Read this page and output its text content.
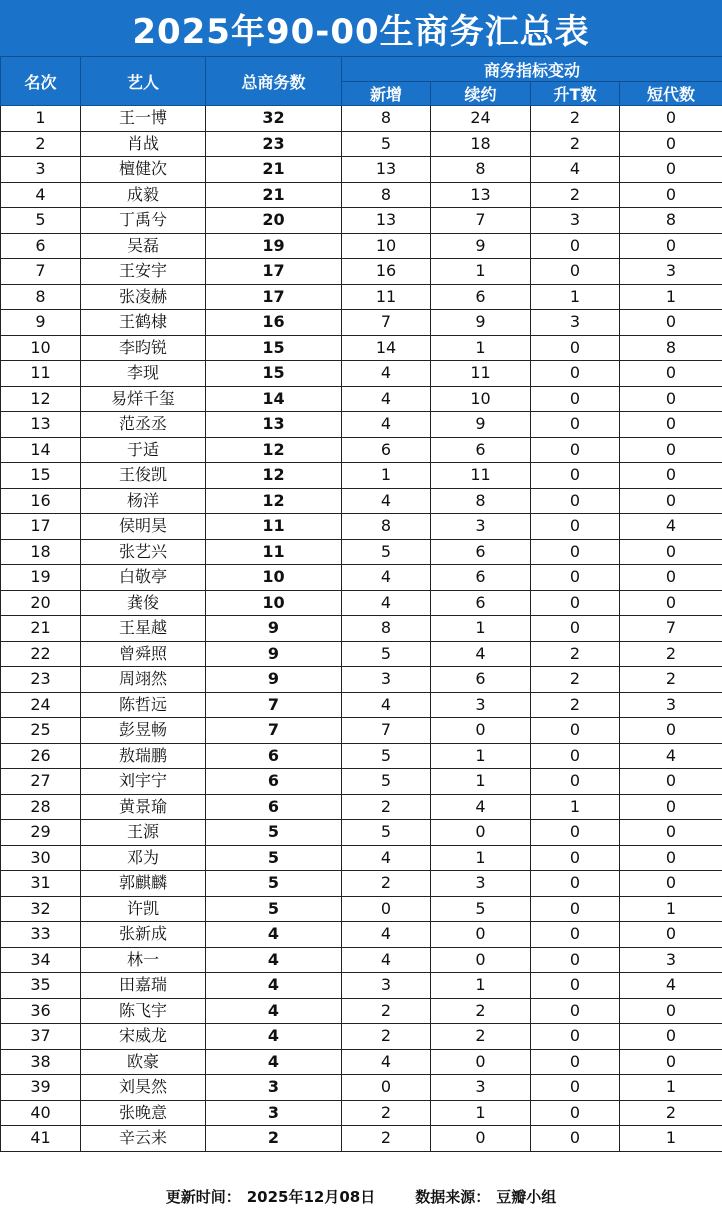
2025年90-00生商务汇总表
名次	艺人	总商务数	商务指标变动			
			新增	续约	升T数	短代数
1	王一博	32	8	24	2	0
2	肖战	23	5	18	2	0
3	檀健次	21	13	8	4	0
4	成毅	21	8	13	2	0
5	丁禹兮	20	13	7	3	8
6	吴磊	19	10	9	0	0
7	王安宇	17	16	1	0	3
8	张凌赫	17	11	6	1	1
9	王鹤棣	16	7	9	3	0
10	李昀锐	15	14	1	0	8
11	李现	15	4	11	0	0
12	易烊千玺	14	4	10	0	0
13	范丞丞	13	4	9	0	0
14	于适	12	6	6	0	0
15	王俊凯	12	1	11	0	0
16	杨洋	12	4	8	0	0
17	侯明昊	11	8	3	0	4
18	张艺兴	11	5	6	0	0
19	白敬亭	10	4	6	0	0
20	龚俊	10	4	6	0	0
21	王星越	9	8	1	0	7
22	曾舜照	9	5	4	2	2
23	周翊然	9	3	6	2	2
24	陈哲远	7	4	3	2	3
25	彭昱畅	7	7	0	0	0
26	敖瑞鹏	6	5	1	0	4
27	刘宇宁	6	5	1	0	0
28	黄景瑜	6	2	4	1	0
29	王源	5	5	0	0	0
30	邓为	5	4	1	0	0
31	郭麒麟	5	2	3	0	0
32	许凯	5	0	5	0	1
33	张新成	4	4	0	0	0
34	林一	4	4	0	0	3
35	田嘉瑞	4	3	1	0	4
36	陈飞宇	4	2	2	0	0
37	宋威龙	4	2	2	0	0
38	欧豪	4	4	0	0	0
39	刘昊然	3	0	3	0	1
40	张晚意	3	2	1	0	2
41	辛云来	2	2	0	0	1
更新时间： 2025年12月08日	数据来源： 豆瓣小组
